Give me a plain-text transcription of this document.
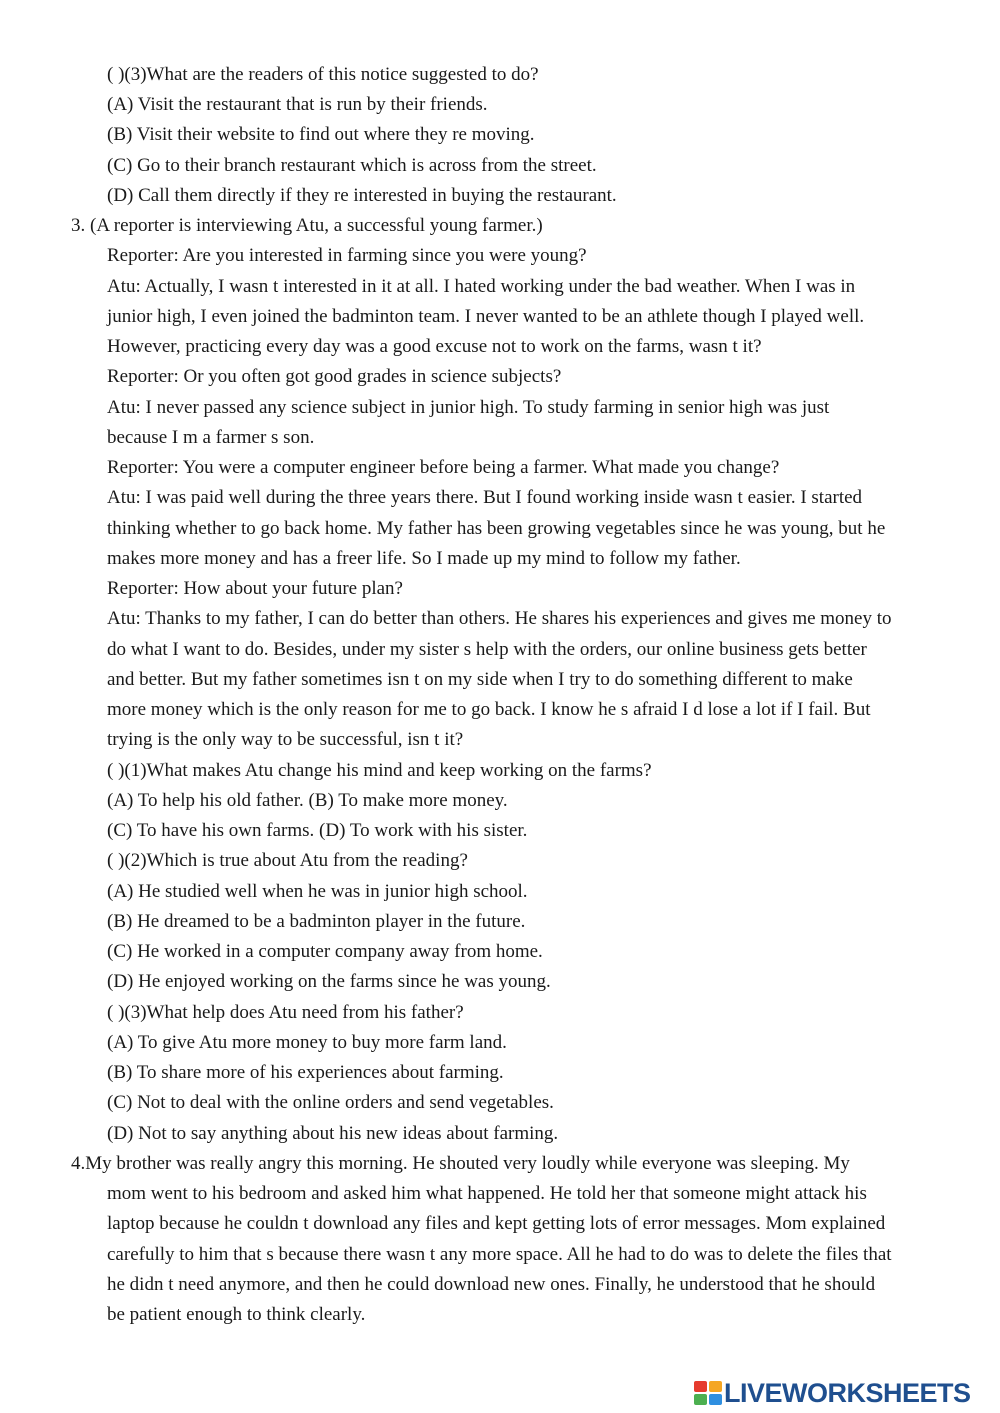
( )(3)What are the readers of this notice suggested to do?
(A) Visit the restaurant that is run by their friends.
(B) Visit their website to find out where they re moving.
(C) Go to their branch restaurant which is across from the street.
(D) Call them directly if they re interested in buying the restaurant.
3. (A reporter is interviewing Atu, a successful young farmer.)
Reporter: Are you interested in farming since you were young?
Atu: Actually, I wasn t interested in it at all. I hated working under the bad weather. When I was in
junior high, I even joined the badminton team. I never wanted to be an athlete though I played well.
However, practicing every day was a good excuse not to work on the farms, wasn t it?
Reporter: Or you often got good grades in science subjects?
Atu: I never passed any science subject in junior high. To study farming in senior high was just
because I m a farmer s son.
Reporter: You were a computer engineer before being a farmer. What made you change?
Atu: I was paid well during the three years there. But I found working inside wasn t easier. I started
thinking whether to go back home. My father has been growing vegetables since he was young, but he
makes more money and has a freer life. So I made up my mind to follow my father.
Reporter: How about your future plan?
Atu: Thanks to my father, I can do better than others. He shares his experiences and gives me money to
do what I want to do. Besides, under my sister s help with the orders, our online business gets better
and better. But my father sometimes isn t on my side when I try to do something different to make
more money which is the only reason for me to go back. I know he s afraid I d lose a lot if I fail. But
trying is the only way to be successful, isn t it?
( )(1)What makes Atu change his mind and keep working on the farms?
(A) To help his old father. (B) To make more money.
(C) To have his own farms. (D) To work with his sister.
( )(2)Which is true about Atu from the reading?
(A) He studied well when he was in junior high school.
(B) He dreamed to be a badminton player in the future.
(C) He worked in a computer company away from home.
(D) He enjoyed working on the farms since he was young.
( )(3)What help does Atu need from his father?
(A) To give Atu more money to buy more farm land.
(B) To share more of his experiences about farming.
(C) Not to deal with the online orders and send vegetables.
(D) Not to say anything about his new ideas about farming.
4.My brother was really angry this morning. He shouted very loudly while everyone was sleeping. My
mom went to his bedroom and asked him what happened. He told her that someone might attack his
laptop because he couldn t download any files and kept getting lots of error messages. Mom explained
carefully to him that s because there wasn t any more space. All he had to do was to delete the files that
he didn t need anymore, and then he could download new ones. Finally, he understood that he should
be patient enough to think clearly.
LIVEWORKSHEETS
